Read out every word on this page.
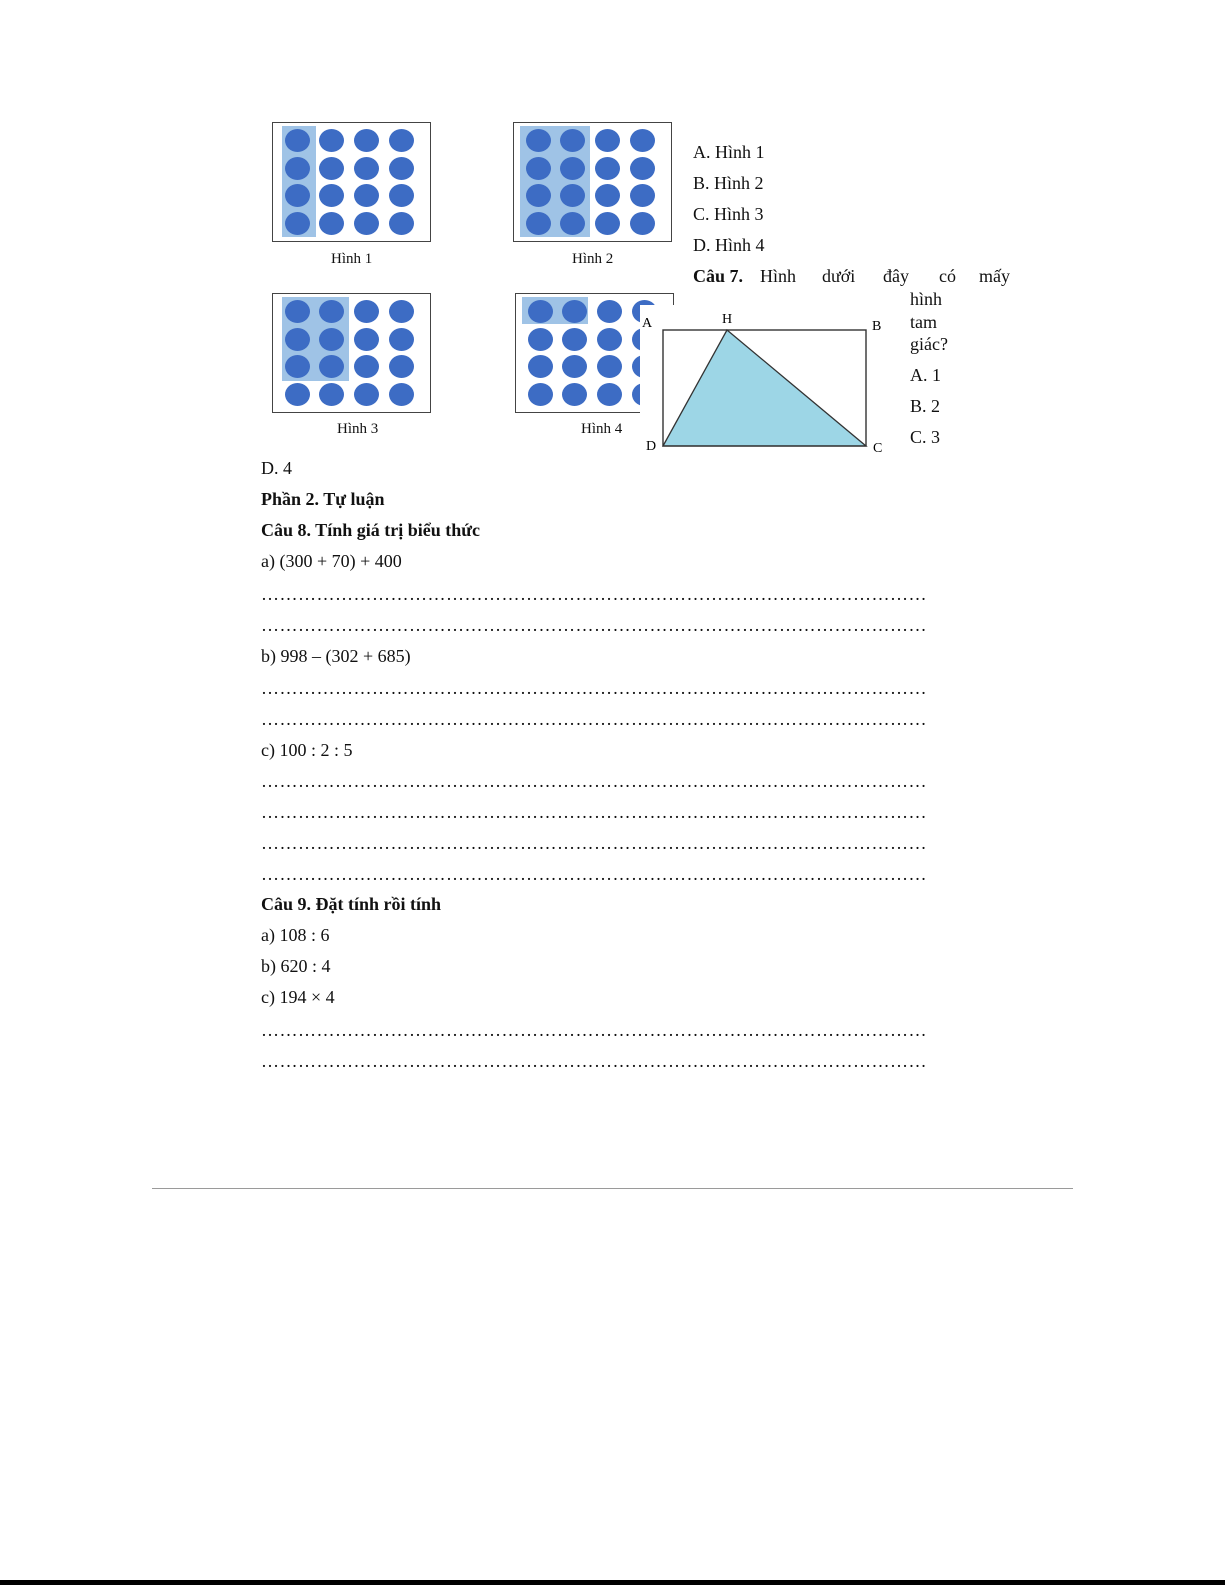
Hình 1	Hình 2
Hình 3	Hình 4
A. Hình 1
B. Hình 2
C. Hình 3
D. Hình 4
Câu 7. Hình dưới đây có mấy
hình
tam
giác?
A	H	B
D	C
A. 1
B. 2
C. 3
D. 4
Phần 2. Tự luận
Câu 8. Tính giá trị biểu thức
a) (300 + 70) + 400
………………………………………………………………………………………………
………………………………………………………………………………………………
b) 998 – (302 + 685)
………………………………………………………………………………………………
………………………………………………………………………………………………
c) 100 : 2 : 5
………………………………………………………………………………………………
………………………………………………………………………………………………
………………………………………………………………………………………………
………………………………………………………………………………………………
Câu 9. Đặt tính rồi tính
a) 108 : 6
b) 620 : 4
c) 194 × 4
………………………………………………………………………………………………
………………………………………………………………………………………………
